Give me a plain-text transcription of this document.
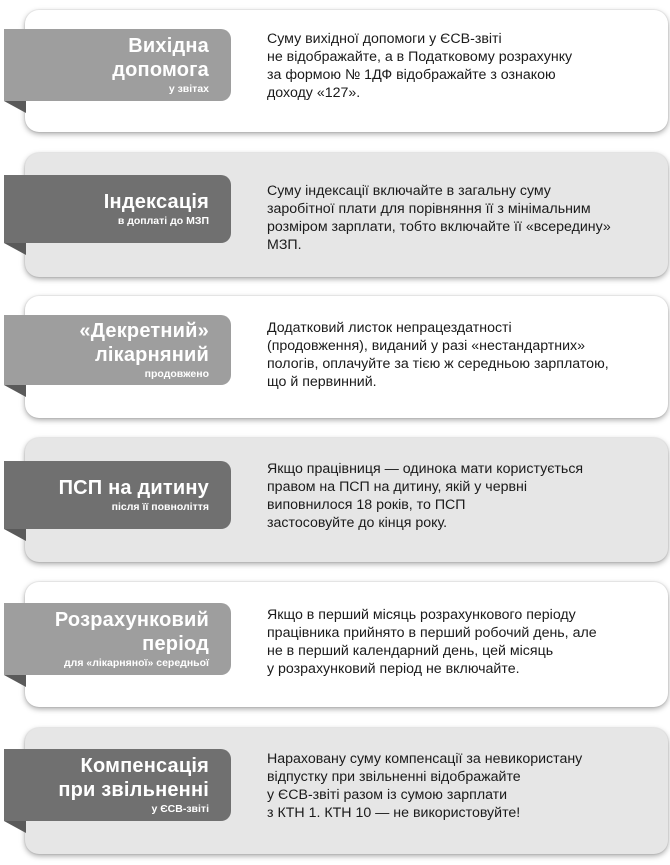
Вихідна
допомога
у звітах
Суму вихідної допомоги у ЄСВ-звіті
не відображайте, а в Податковому розрахунку
за формою № 1ДФ відображайте з ознакою
доходу «127».
Індексація
в доплаті до МЗП
Суму індексації включайте в загальну суму
заробітної плати для порівняння її з мінімальним
розміром зарплати, тобто включайте її «всередину»
МЗП.
«Декретний»
лікарняний
продовжено
Додатковий листок непрацездатності
(продовження), виданий у разі «нестандартних»
пологів, оплачуйте за тією ж середньою зарплатою,
що й первинний.
ПСП на дитину
після її повноліття
Якщо працівниця — одинока мати користується
правом на ПСП на дитину, якій у червні
виповнилося 18 років, то ПСП
застосовуйте до кінця року.
Розрахунковий
період
для «лікарняної» середньої
Якщо в перший місяць розрахункового періоду
працівника прийнято в перший робочий день, але
не в перший календарний день, цей місяць
у розрахунковий період не включайте.
Компенсація
при звільненні
у ЄСВ-звіті
Нараховану суму компенсації за невикористану
відпустку при звільненні відображайте
у ЄСВ-звіті разом із сумою зарплати
з КТН 1. КТН 10 — не використовуйте!
